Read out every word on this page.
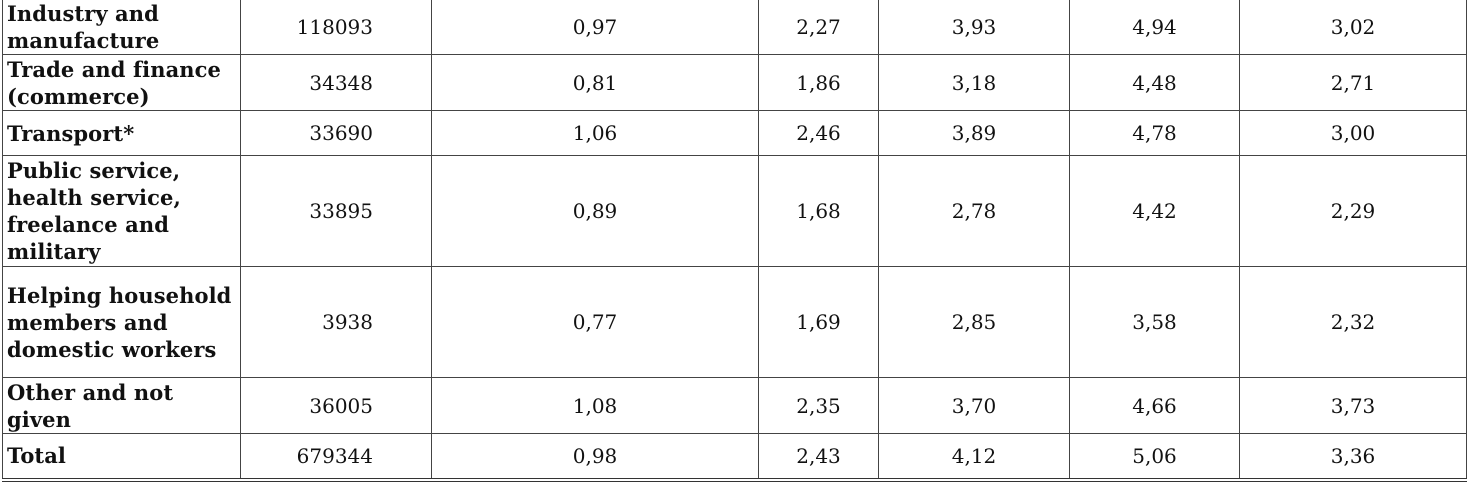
Industry and manufacture	118093	0,97	2,27	3,93	4,94	3,02
Trade and finance (commerce)	34348	0,81	1,86	3,18	4,48	2,71
Transport*	33690	1,06	2,46	3,89	4,78	3,00
Public service, health service, freelance and military	33895	0,89	1,68	2,78	4,42	2,29
Helping household members and domestic workers	3938	0,77	1,69	2,85	3,58	2,32
Other and not given	36005	1,08	2,35	3,70	4,66	3,73
Total	679344	0,98	2,43	4,12	5,06	3,36
